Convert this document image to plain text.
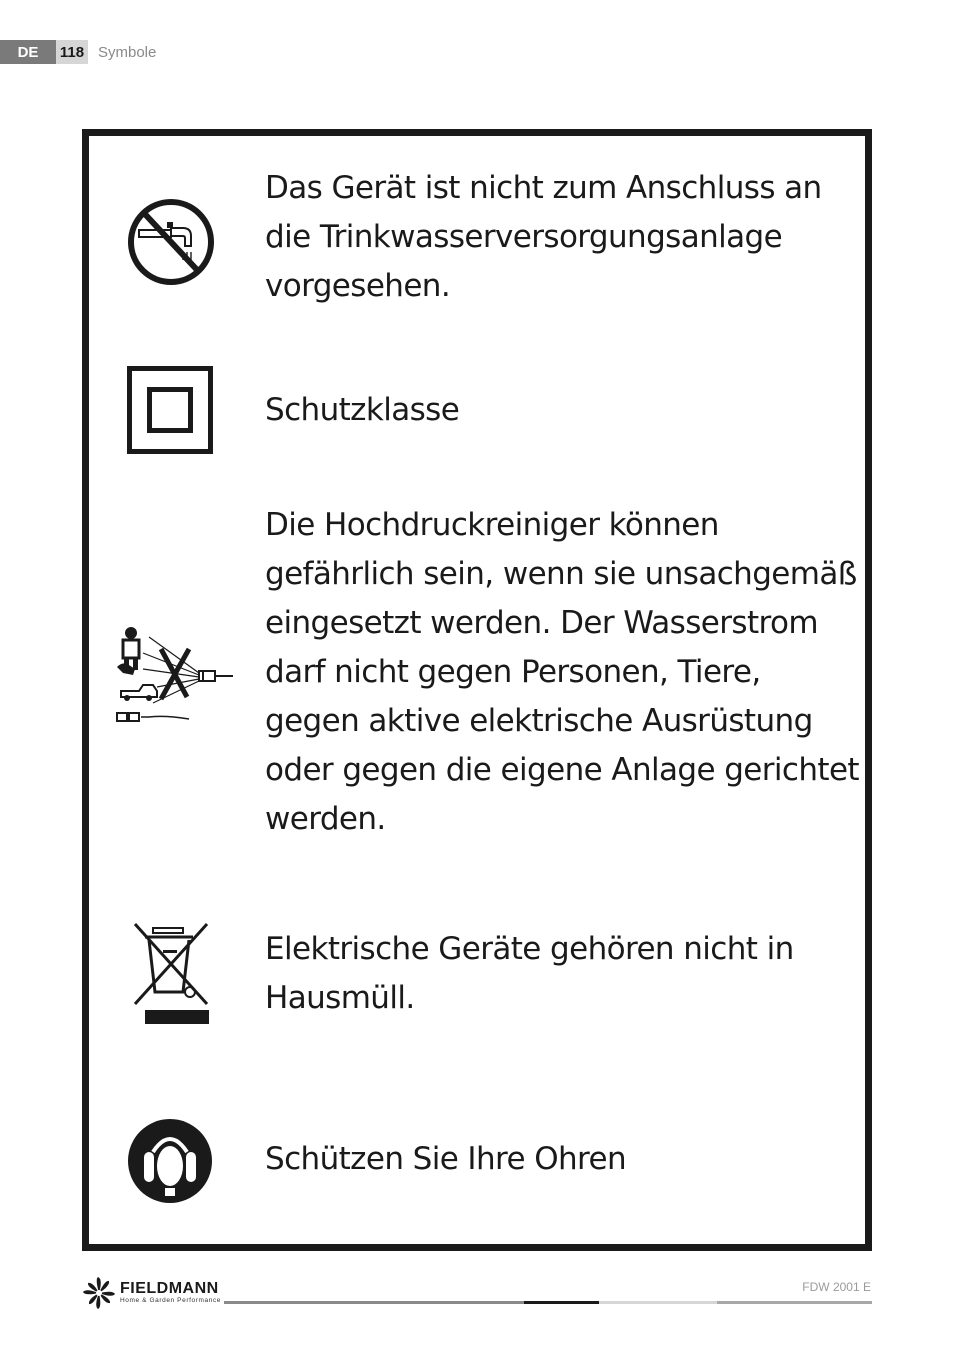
DE	118 Symbole
Das Gerät ist nicht zum Anschluss an
die Trinkwasserversorgungsanlage
vorgesehen.
Schutzklasse
Die Hochdruckreiniger können
gefährlich sein, wenn sie unsachgemäß
eingesetzt werden. Der Wasserstrom
darf nicht gegen Personen, Tiere,
gegen aktive elektrische Ausrüstung
oder gegen die eigene Anlage gerichtet
werden.
Elektrische Geräte gehören nicht in
Hausmüll.
Schützen Sie Ihre Ohren
FIELDMANN
Home & Garden Performance
FDW 2001 E
